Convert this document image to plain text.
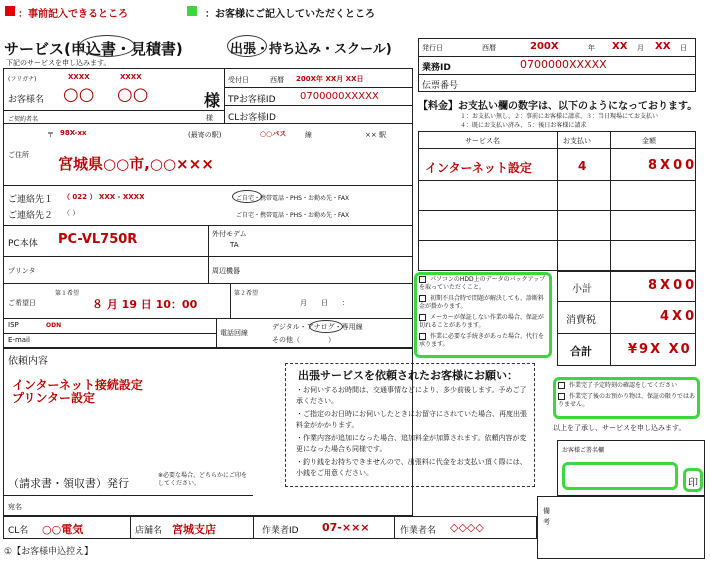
：事前記入できるところ	：お客様にご記入していただくところ
サービス(申込書・見積書)	出張・持ち込み・スクール)
下記のサービスを申し込みます。
発行日	西暦	200X	年 XX 月 XX 日
業務ID	0700000XXXXX
伝票番号
(フリガナ)	XXXX	XXXX
お客様名 ○○ ○○	様
ご契約者名	様
受付日	西暦 200X年 XX月 XX日
TPお客様ID 0700000XXXXX
CLお客様ID
〒 98X-xx	(最寄の駅)	○○バス	線	×× 駅
ご住所 宮城県○○市,○○×××
ご連絡先１ （ 022 ） XXX - XXXX
ご連絡先２ （ ）
ご自宅・携帯電話・PHS・お勤め先・FAX
ご自宅・携帯電話・PHS・お勤め先・FAX
PC本体 PC-VL750R	外付モデム
TA
プリンタ	周辺機器
第１希望
ご希望日	８ 月 19 日 10：00
第２希望
月　　日　　：
ISP	ODN
E-mail
電話回線
デジタル・アナログ・専用線
その他（　　　　）
依頼内容
インターネット接続設定
プリンター設定
出張サービスを依頼されたお客様にお願い：
・お伺いするお時間は、交通事情などにより、多少前後します。予めご了承ください。
・ご指定のお日時にお伺いしたときにお留守にされていた場合、再度出張料金がかかります。
・作業内容が追加になった場合、追加料金が加算されます。依頼内容が変更になった場合も同様です。
・釣り銭をお持ちできませんので、出張料に代金をお支払い頂く際には、小銭をご用意ください。
（請求書・領収書）発行
※必要な場合、どちらかにご印をしてください。
宛名
CL名 ○○電気	店舗名 宮城支店	作業者ID 07-×××	作業者名 ◇◇◇◇
①【お客様申込控え】
【料金】お支払い欄の数字は、以下のようになっております。
１：お支払い無し、２：事前にお客様に請求、３：当日現場にてお支払い
４：既にお支払い済み、５：後日お客様に請求
サービス名	お支払い	金額
インターネット設定	4	8X00
パソコンのHDD上のデータのバックアップを取っていただくこと。
初期不具合時で問題が解決しても、診断料金が掛かります。
メーカーが保証しない作業の場合、保証が切れることがあります。
作業に必要な手続きがあった場合、代行を承ります。
小計	8X00
消費税	4X0
合計	¥9X X0
作業完了予定時刻の確認をしてください
作業完了後のお預かり物は、保証の限りではありません。
以上を了承し、サービスを申し込みます。
お客様ご署名欄
印
備考
